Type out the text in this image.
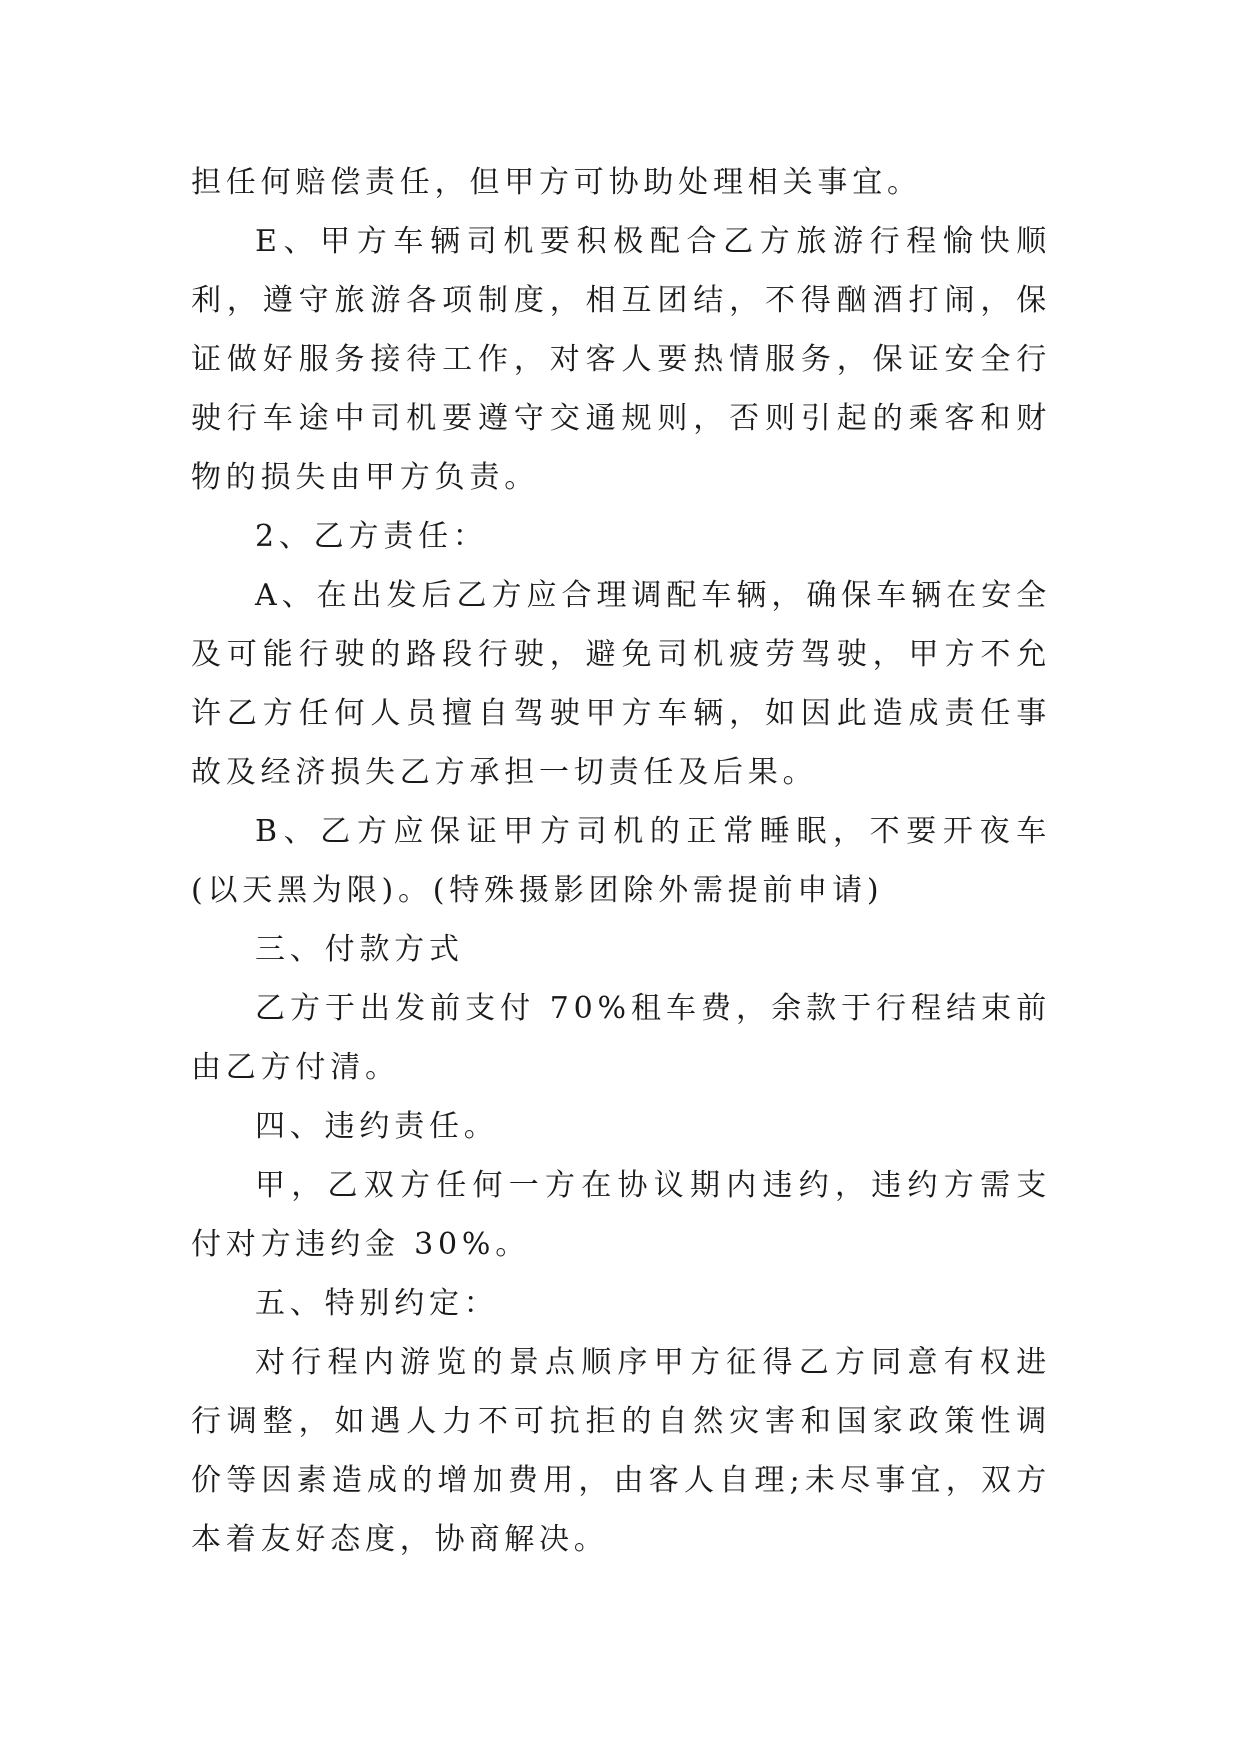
担任何赔偿责任，但甲方可协助处理相关事宜。

E、甲方车辆司机要积极配合乙方旅游行程愉快顺利，遵守旅游各项制度，相互团结，不得酗酒打闹，保证做好服务接待工作，对客人要热情服务，保证安全行驶行车途中司机要遵守交通规则，否则引起的乘客和财物的损失由甲方负责。

2、乙方责任：

A、在出发后乙方应合理调配车辆，确保车辆在安全及可能行驶的路段行驶，避免司机疲劳驾驶，甲方不允许乙方任何人员擅自驾驶甲方车辆，如因此造成责任事故及经济损失乙方承担一切责任及后果。

B、乙方应保证甲方司机的正常睡眠，不要开夜车(以天黑为限)。(特殊摄影团除外需提前申请)

三、付款方式

乙方于出发前支付 70%租车费，余款于行程结束前由乙方付清。

四、违约责任。

甲，乙双方任何一方在协议期内违约，违约方需支付对方违约金 30%。

五、特别约定：

对行程内游览的景点顺序甲方征得乙方同意有权进行调整，如遇人力不可抗拒的自然灾害和国家政策性调价等因素造成的增加费用，由客人自理;未尽事宜，双方本着友好态度，协商解决。
